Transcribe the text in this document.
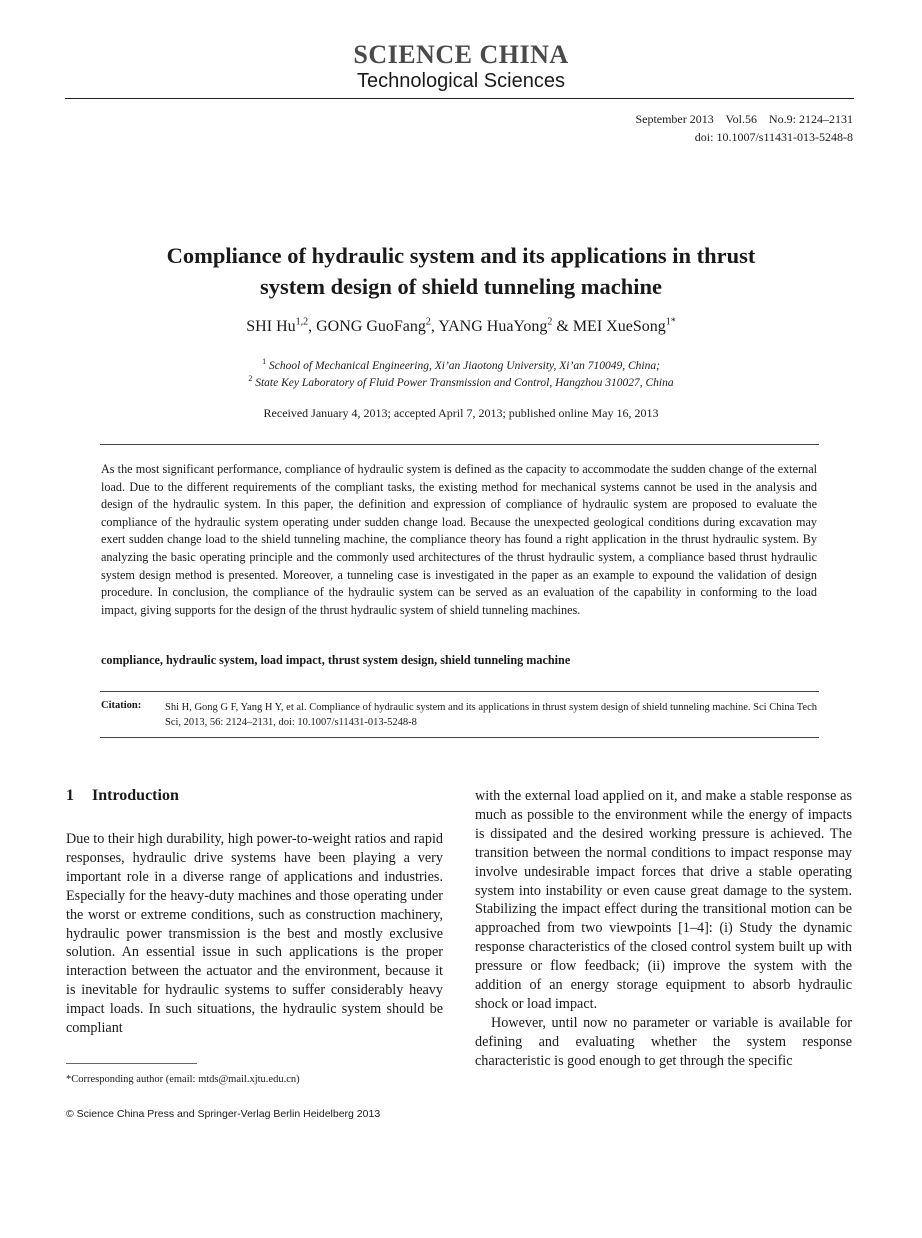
SCIENCE CHINA
Technological Sciences
September 2013    Vol.56    No.9: 2124–2131
doi: 10.1007/s11431-013-5248-8
Compliance of hydraulic system and its applications in thrust
system design of shield tunneling machine
SHI Hu$^{1,2}$, GONG GuoFang$^2$, YANG HuaYong$^2$ & MEI XueSong$^{1*}$
$^1$ School of Mechanical Engineering, Xi’an Jiaotong University, Xi’an 710049, China;
$^2$ State Key Laboratory of Fluid Power Transmission and Control, Hangzhou 310027, China
Received January 4, 2013; accepted April 7, 2013; published online May 16, 2013
As the most significant performance, compliance of hydraulic system is defined as the capacity to accommodate the sudden change of the external load. Due to the different requirements of the compliant tasks, the existing method for mechanical systems cannot be used in the analysis and design of the hydraulic system. In this paper, the definition and expression of compliance of hydraulic system are proposed to evaluate the compliance of the hydraulic system operating under sudden change load. Because the unexpected geological conditions during excavation may exert sudden change load to the shield tunneling machine, the compliance theory has found a right application in the thrust hydraulic system. By analyzing the basic operating principle and the commonly used architectures of the thrust hydraulic system, a compliance based thrust hydraulic system design method is presented. Moreover, a tunneling case is investigated in the paper as an example to expound the validation of design procedure. In conclusion, the compliance of the hydraulic system can be served as an evaluation of the capability in conforming to the load impact, giving supports for the design of the thrust hydraulic system of shield tunneling machines.
compliance, hydraulic system, load impact, thrust system design, shield tunneling machine
Citation: Shi H, Gong G F, Yang H Y, et al. Compliance of hydraulic system and its applications in thrust system design of shield tunneling machine. Sci China Tech Sci, 2013, 56: 2124–2131, doi: 10.1007/s11431-013-5248-8
1 Introduction

Due to their high durability, high power-to-weight ratios and rapid responses, hydraulic drive systems have been playing a very important role in a diverse range of applications and industries. Especially for the heavy-duty machines and those operating under the worst or extreme conditions, such as construction machinery, hydraulic power transmission is the best and mostly exclusive solution. An essential issue in such applications is the proper interaction between the actuator and the environment, because it is inevitable for hydraulic systems to suffer considerably heavy impact loads. In such situations, the hydraulic system should be compliant

with the external load applied on it, and make a stable response as much as possible to the environment while the energy of impacts is dissipated and the desired working pressure is achieved. The transition between the normal conditions to impact response may involve undesirable impact forces that drive a stable operating system into instability or even cause great damage to the system. Stabilizing the impact effect during the transitional motion can be approached from two viewpoints [1–4]: (i) Study the dynamic response characteristics of the closed control system built up with pressure or flow feedback; (ii) improve the system with the addition of an energy storage equipment to absorb hydraulic shock or load impact.

However, until now no parameter or variable is available for defining and evaluating whether the system response characteristic is good enough to get through the specific

*Corresponding author (email: mtds@mail.xjtu.edu.cn)
© Science China Press and Springer-Verlag Berlin Heidelberg 2013
